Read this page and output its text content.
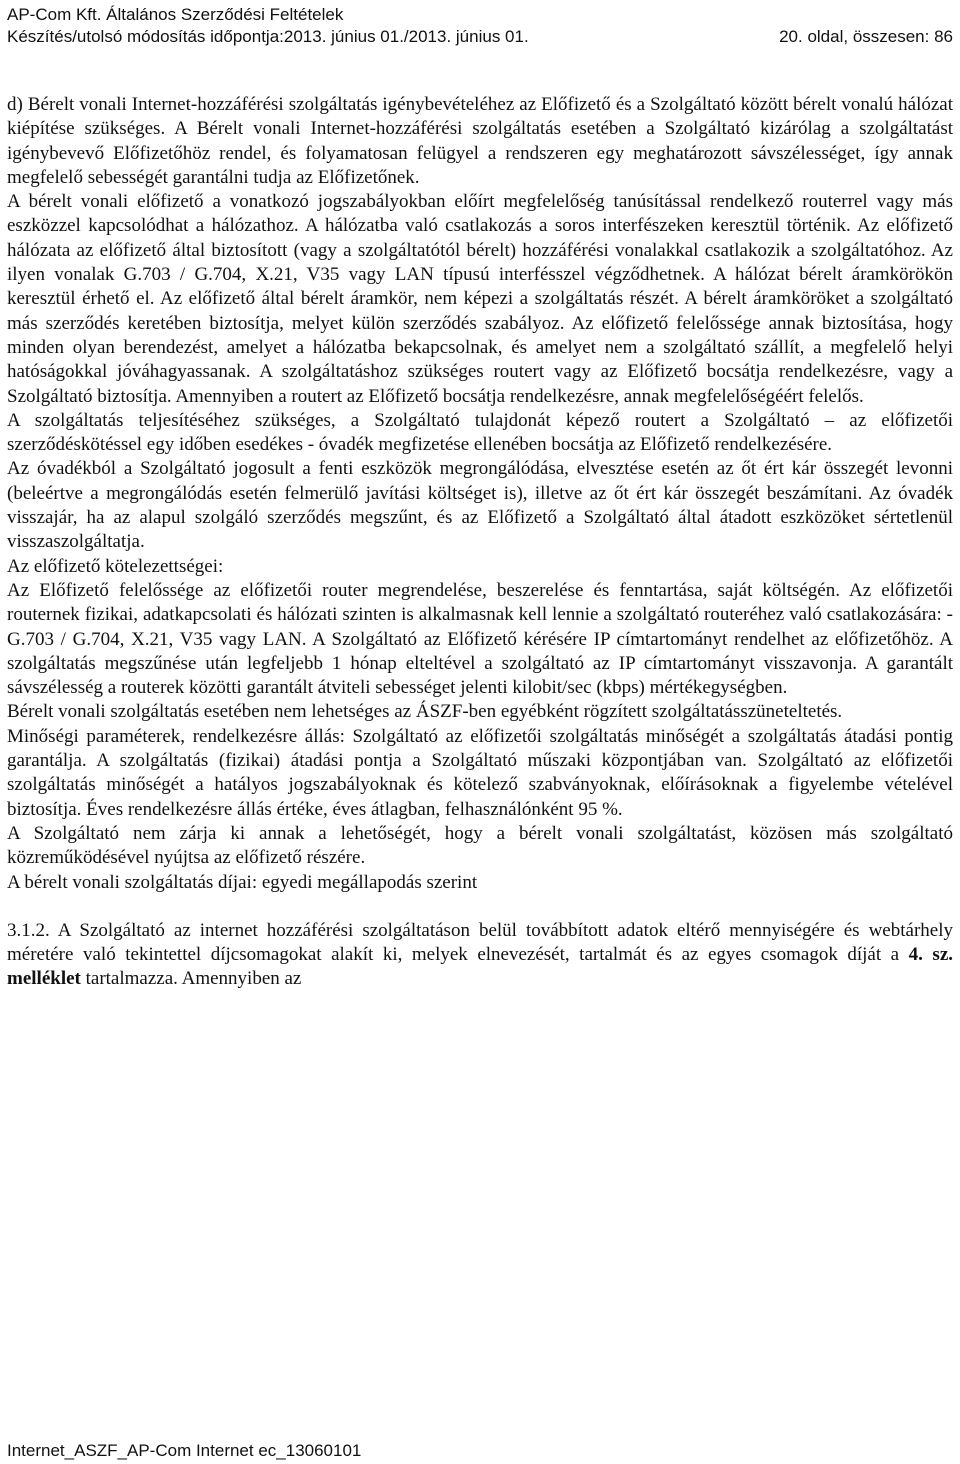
AP-Com Kft. Általános Szerződési Feltételek
Készítés/utolsó módosítás időpontja:2013. június 01./2013. június 01.	20. oldal, összesen: 86

d) Bérelt vonali Internet-hozzáférési szolgáltatás igénybevételéhez az Előfizető és a Szolgáltató között bérelt vonalú hálózat kiépítése szükséges. A Bérelt vonali Internet-hozzáférési szolgáltatás esetében a Szolgáltató kizárólag a szolgáltatást igénybevevő Előfizetőhöz rendel, és folyamatosan felügyel a rendszeren egy meghatározott sávszélességet, így annak megfelelő sebességét garantálni tudja az Előfizetőnek.

A bérelt vonali előfizető a vonatkozó jogszabályokban előírt megfelelőség tanúsítással rendelkező routerrel vagy más eszközzel kapcsolódhat a hálózathoz. A hálózatba való csatlakozás a soros interfészeken keresztül történik. Az előfizető hálózata az előfizető által biztosított (vagy a szolgáltatótól bérelt) hozzáférési vonalakkal csatlakozik a szolgáltatóhoz. Az ilyen vonalak G.703 / G.704, X.21, V35 vagy LAN típusú interfésszel végződhetnek. A hálózat bérelt áramkörökön keresztül érhető el. Az előfizető által bérelt áramkör, nem képezi a szolgáltatás részét. A bérelt áramköröket a szolgáltató más szerződés keretében biztosítja, melyet külön szerződés szabályoz. Az előfizető felelőssége annak biztosítása, hogy minden olyan berendezést, amelyet a hálózatba bekapcsolnak, és amelyet nem a szolgáltató szállít, a megfelelő helyi hatóságokkal jóváhagyassanak. A szolgáltatáshoz szükséges routert vagy az Előfizető bocsátja rendelkezésre, vagy a Szolgáltató biztosítja. Amennyiben a routert az Előfizető bocsátja rendelkezésre, annak megfelelőségéért felelős.

A szolgáltatás teljesítéséhez szükséges, a Szolgáltató tulajdonát képező routert a Szolgáltató – az előfizetői szerződéskötéssel egy időben esedékes - óvadék megfizetése ellenében bocsátja az Előfizető rendelkezésére.

Az óvadékból a Szolgáltató jogosult a fenti eszközök megrongálódása, elvesztése esetén az őt ért kár összegét levonni (beleértve a megrongálódás esetén felmerülő javítási költséget is), illetve az őt ért kár összegét beszámítani. Az óvadék visszajár, ha az alapul szolgáló szerződés megszűnt, és az Előfizető a Szolgáltató által átadott eszközöket sértetlenül visszaszolgáltatja.

Az előfizető kötelezettségei:

Az Előfizető felelőssége az előfizetői router megrendelése, beszerelése és fenntartása, saját költségén. Az előfizetői routernek fizikai, adatkapcsolati és hálózati szinten is alkalmasnak kell lennie a szolgáltató routeréhez való csatlakozására: - G.703 / G.704, X.21, V35 vagy LAN. A Szolgáltató az Előfizető kérésére IP címtartományt rendelhet az előfizetőhöz. A szolgáltatás megszűnése után legfeljebb 1 hónap elteltével a szolgáltató az IP címtartományt visszavonja. A garantált sávszélesség a routerek közötti garantált átviteli sebességet jelenti kilobit/sec (kbps) mértékegységben.

Bérelt vonali szolgáltatás esetében nem lehetséges az ÁSZF-ben egyébként rögzített szolgáltatásszüneteltetés.

Minőségi paraméterek, rendelkezésre állás: Szolgáltató az előfizetői szolgáltatás minőségét a szolgáltatás átadási pontig garantálja. A szolgáltatás (fizikai) átadási pontja a Szolgáltató műszaki központjában van. Szolgáltató az előfizetői szolgáltatás minőségét a hatályos jogszabályoknak és kötelező szabványoknak, előírásoknak a figyelembe vételével biztosítja. Éves rendelkezésre állás értéke, éves átlagban, felhasználónként 95 %.

A Szolgáltató nem zárja ki annak a lehetőségét, hogy a bérelt vonali szolgáltatást, közösen más szolgáltató közreműködésével nyújtsa az előfizető részére.

A bérelt vonali szolgáltatás díjai: egyedi megállapodás szerint

3.1.2. A Szolgáltató az internet hozzáférési szolgáltatáson belül továbbított adatok eltérő mennyiségére és webtárhely méretére való tekintettel díjcsomagokat alakít ki, melyek elnevezését, tartalmát és az egyes csomagok díját a 4. sz. melléklet tartalmazza. Amennyiben az

Internet_ASZF_AP-Com Internet ec_13060101
